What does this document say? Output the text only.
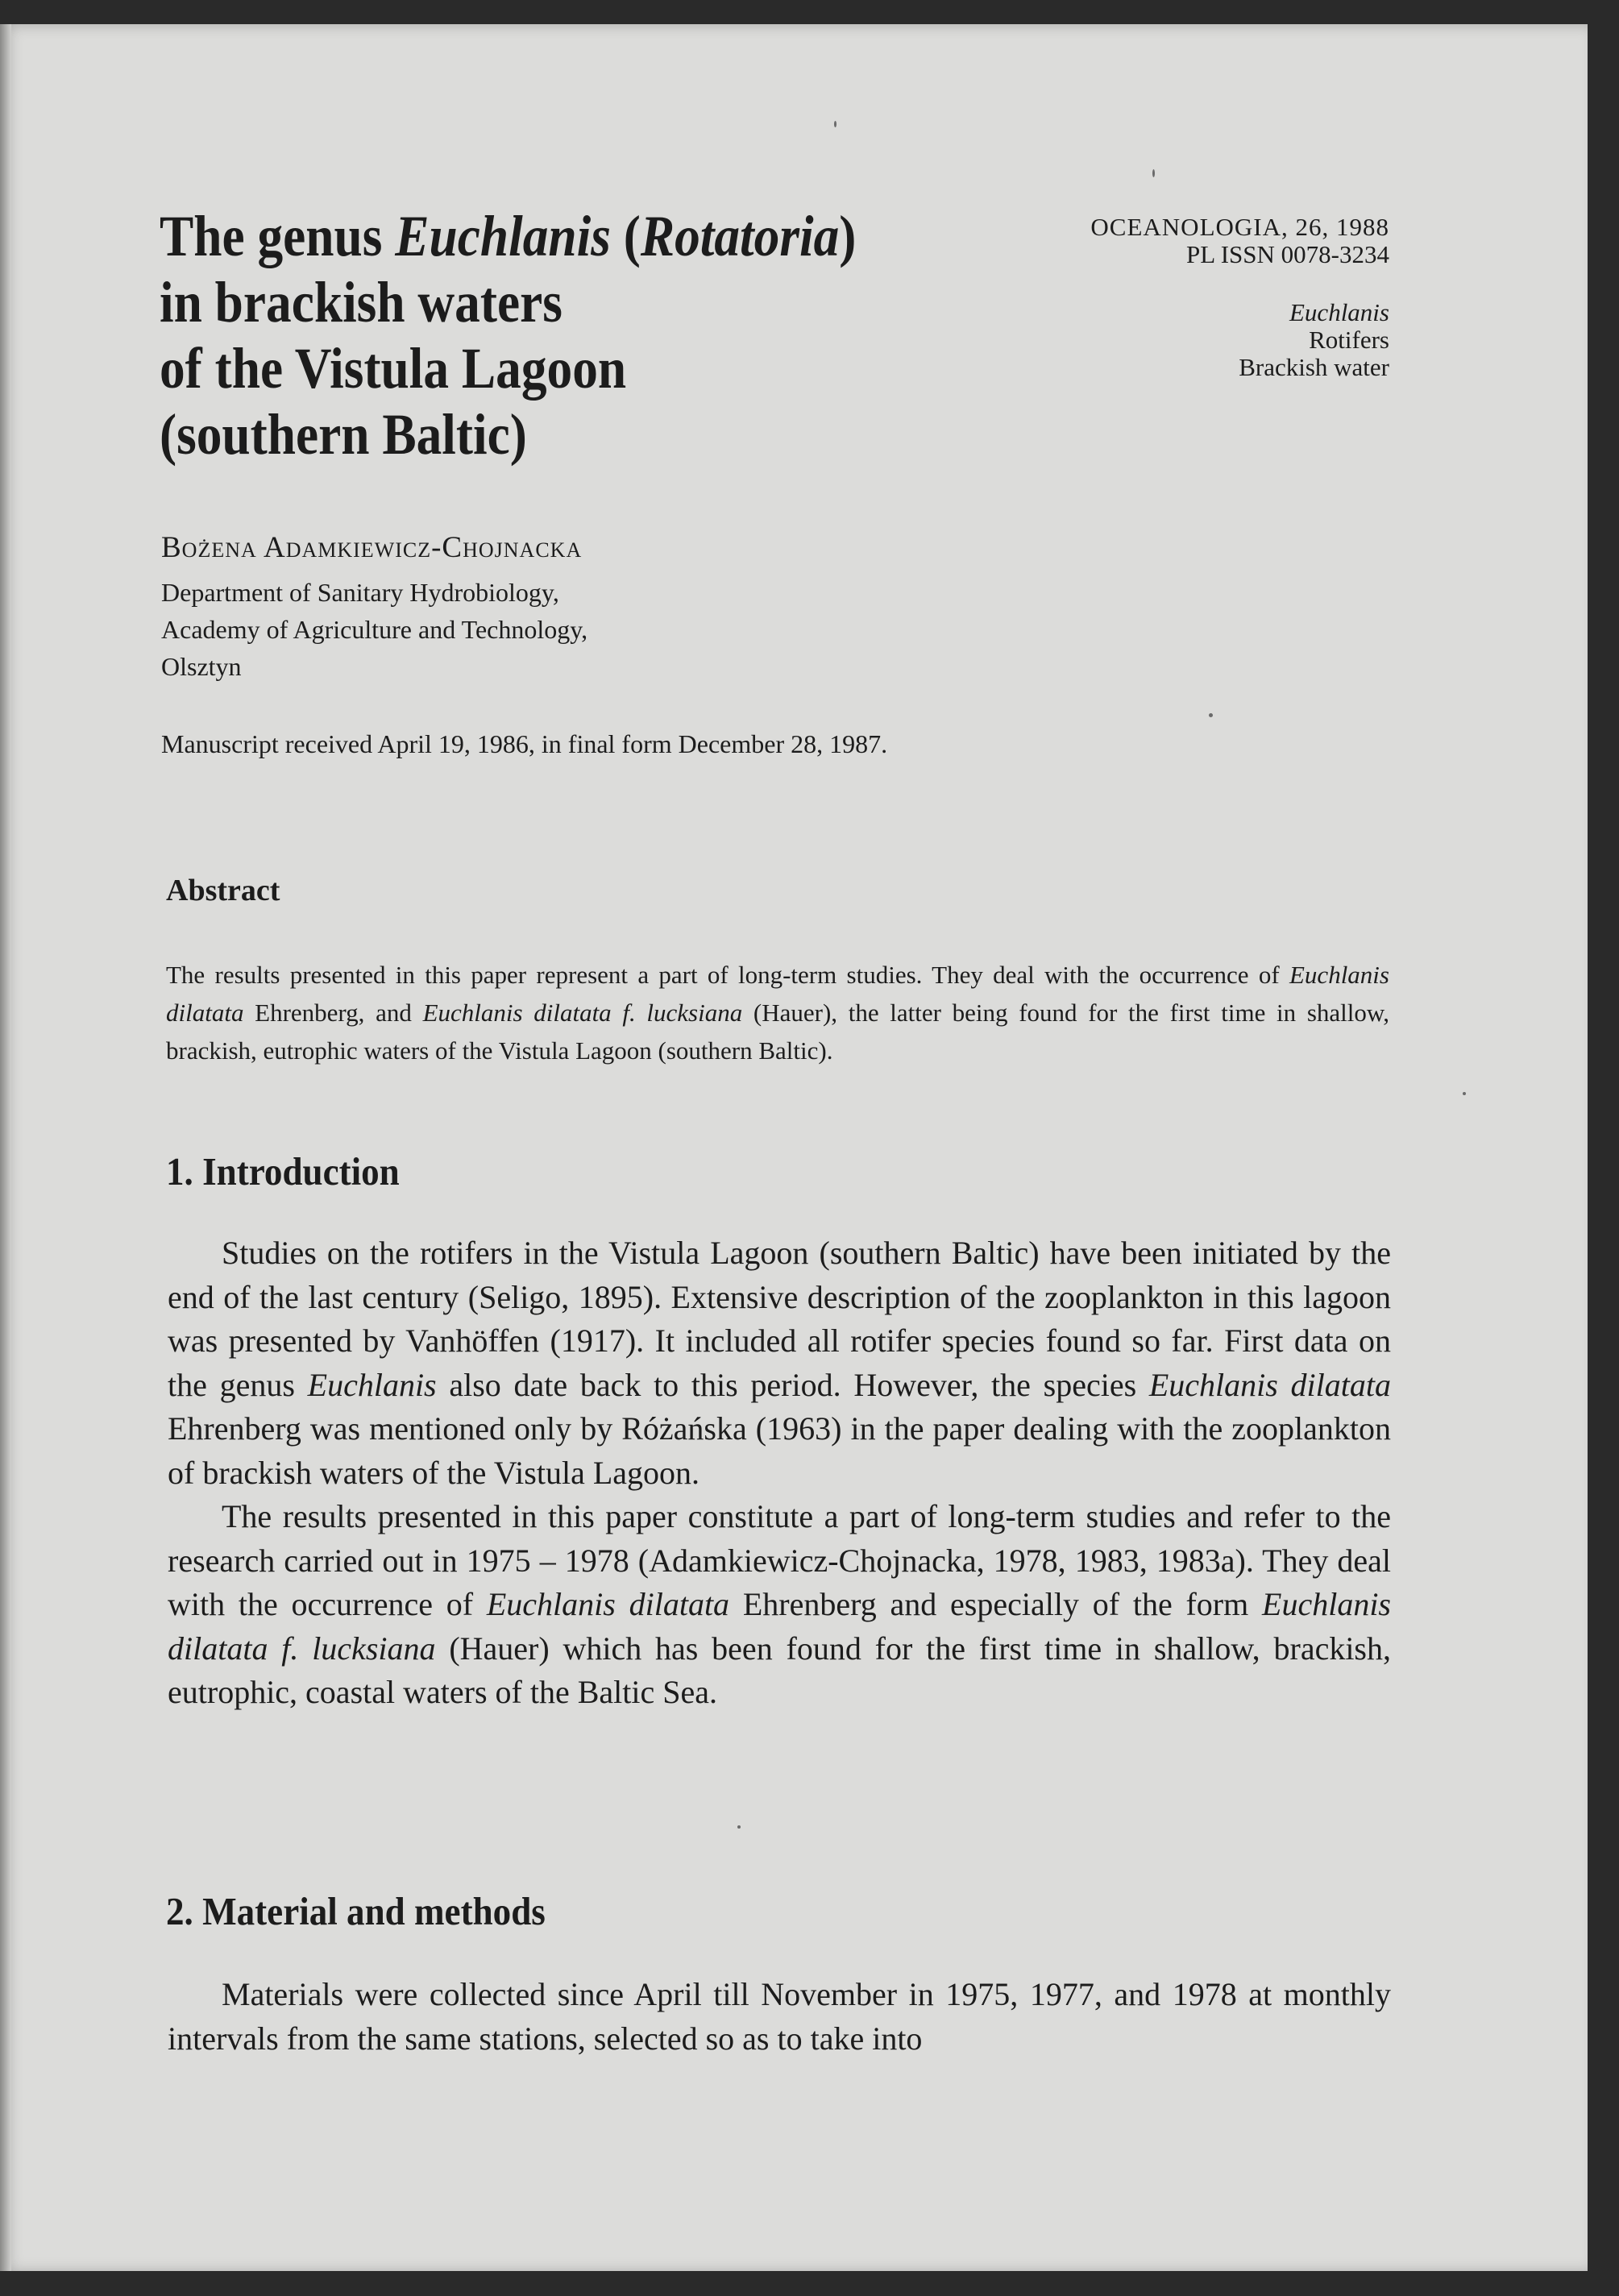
The genus Euchlanis (Rotatoria)
in brackish waters
of the Vistula Lagoon
(southern Baltic)
OCEANOLOGIA, 26, 1988
PL ISSN 0078-3234
Euchlanis
Rotifers
Brackish water
Bożena Adamkiewicz-Chojnacka
Department of Sanitary Hydrobiology,
Academy of Agriculture and Technology,
Olsztyn
Manuscript received April 19, 1986, in final form December 28, 1987.
Abstract
The results presented in this paper represent a part of long-term studies. They deal with the occurrence of Euchlanis dilatata Ehrenberg, and Euchlanis dilatata f. lucksiana (Hauer), the latter being found for the first time in shallow, brackish, eutrophic waters of the Vistula Lagoon (southern Baltic).
1. Introduction

Studies on the rotifers in the Vistula Lagoon (southern Baltic) have been initiated by the end of the last century (Seligo, 1895). Extensive description of the zooplankton in this lagoon was presented by Vanhöffen (1917). It included all rotifer species found so far. First data on the genus Euchlanis also date back to this period. However, the species Euchlanis dilatata Ehrenberg was mentioned only by Różańska (1963) in the paper dealing with the zooplankton of brackish waters of the Vistula Lagoon.

The results presented in this paper constitute a part of long-term studies and refer to the research carried out in 1975 – 1978 (Adamkiewicz-Chojnacka, 1978, 1983, 1983a). They deal with the occurrence of Euchlanis dilatata Ehrenberg and especially of the form Euchlanis dilatata f. lucksiana (Hauer) which has been found for the first time in shallow, brackish, eutrophic, coastal waters of the Baltic Sea.

2. Material and methods

Materials were collected since April till November in 1975, 1977, and 1978 at monthly intervals from the same stations, selected so as to take into
